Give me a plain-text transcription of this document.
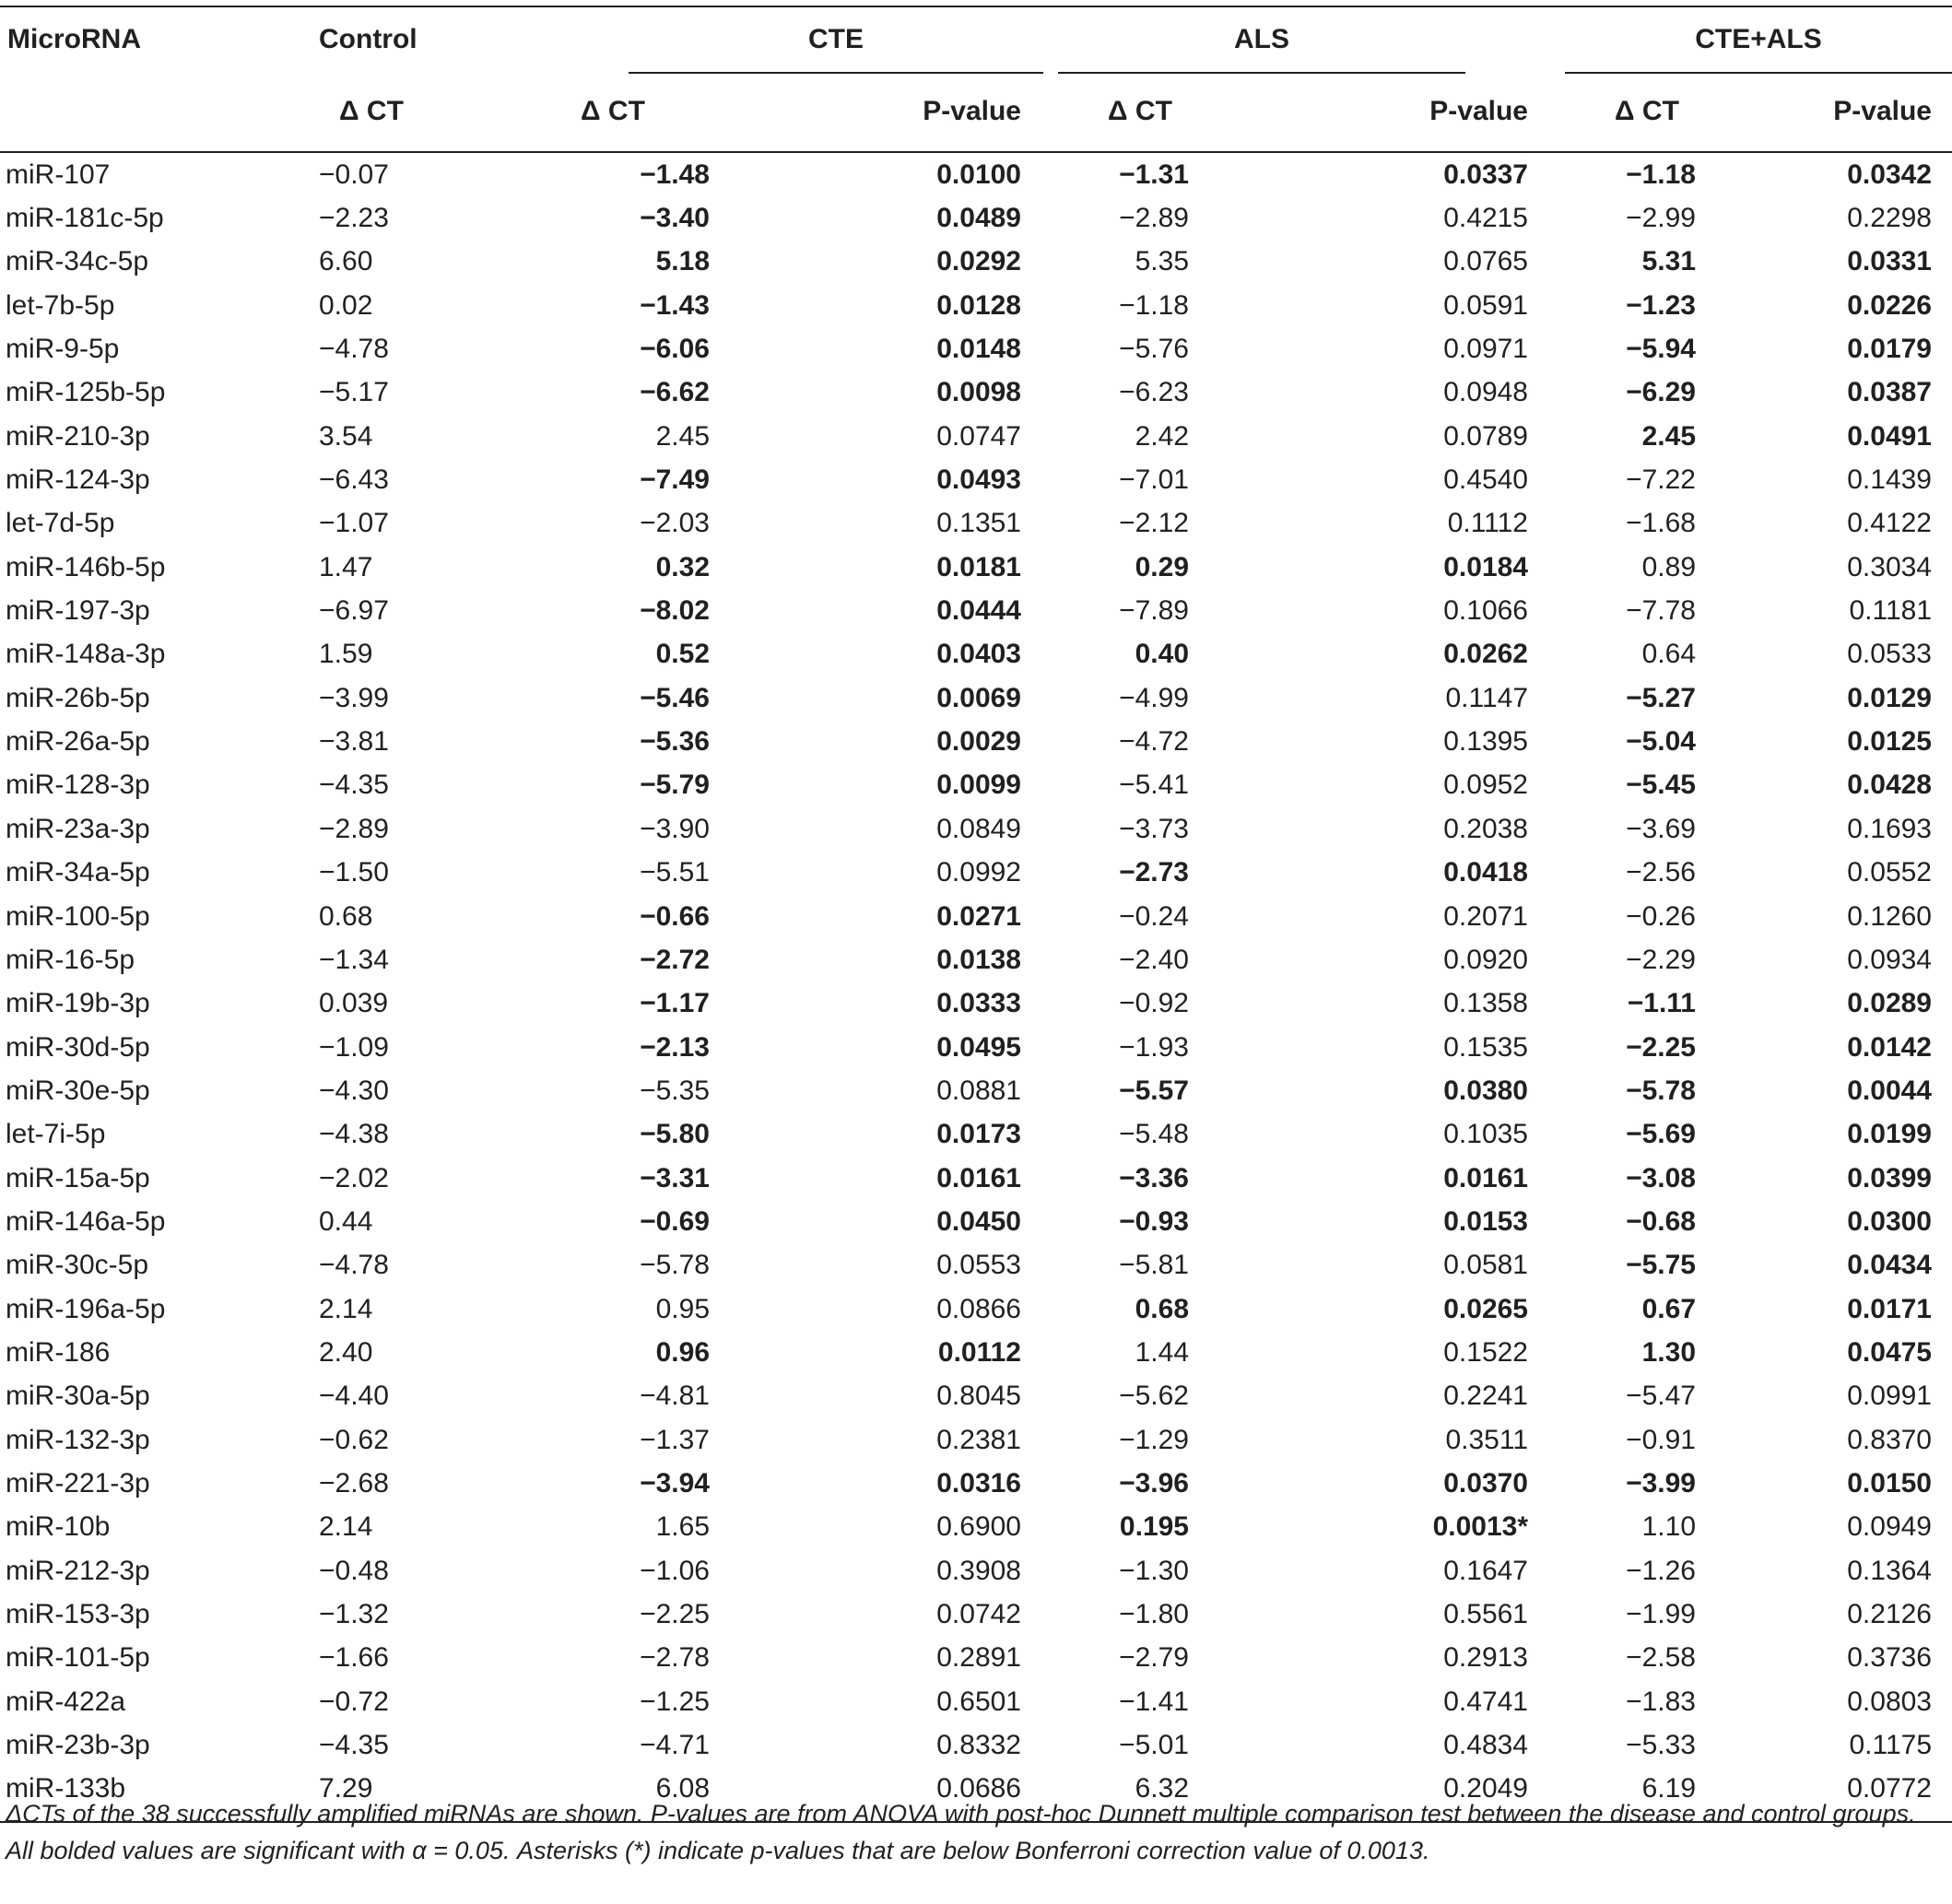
MicroRNA	Control	CTE		ALS		CTE+ALS	

	Δ CT	Δ CT	P-value	Δ CT	P-value	Δ CT	P-value
miR-107	−0.07	−1.48	0.0100	−1.31	0.0337	−1.18	0.0342
miR-181c-5p	−2.23	−3.40	0.0489	−2.89	0.4215	−2.99	0.2298
miR-34c-5p	6.60	5.18	0.0292	5.35	0.0765	5.31	0.0331
let-7b-5p	0.02	−1.43	0.0128	−1.18	0.0591	−1.23	0.0226
miR-9-5p	−4.78	−6.06	0.0148	−5.76	0.0971	−5.94	0.0179
miR-125b-5p	−5.17	−6.62	0.0098	−6.23	0.0948	−6.29	0.0387
miR-210-3p	3.54	2.45	0.0747	2.42	0.0789	2.45	0.0491
miR-124-3p	−6.43	−7.49	0.0493	−7.01	0.4540	−7.22	0.1439
let-7d-5p	−1.07	−2.03	0.1351	−2.12	0.1112	−1.68	0.4122
miR-146b-5p	1.47	0.32	0.0181	0.29	0.0184	0.89	0.3034
miR-197-3p	−6.97	−8.02	0.0444	−7.89	0.1066	−7.78	0.1181
miR-148a-3p	1.59	0.52	0.0403	0.40	0.0262	0.64	0.0533
miR-26b-5p	−3.99	−5.46	0.0069	−4.99	0.1147	−5.27	0.0129
miR-26a-5p	−3.81	−5.36	0.0029	−4.72	0.1395	−5.04	0.0125
miR-128-3p	−4.35	−5.79	0.0099	−5.41	0.0952	−5.45	0.0428
miR-23a-3p	−2.89	−3.90	0.0849	−3.73	0.2038	−3.69	0.1693
miR-34a-5p	−1.50	−5.51	0.0992	−2.73	0.0418	−2.56	0.0552
miR-100-5p	0.68	−0.66	0.0271	−0.24	0.2071	−0.26	0.1260
miR-16-5p	−1.34	−2.72	0.0138	−2.40	0.0920	−2.29	0.0934
miR-19b-3p	0.039	−1.17	0.0333	−0.92	0.1358	−1.11	0.0289
miR-30d-5p	−1.09	−2.13	0.0495	−1.93	0.1535	−2.25	0.0142
miR-30e-5p	−4.30	−5.35	0.0881	−5.57	0.0380	−5.78	0.0044
let-7i-5p	−4.38	−5.80	0.0173	−5.48	0.1035	−5.69	0.0199
miR-15a-5p	−2.02	−3.31	0.0161	−3.36	0.0161	−3.08	0.0399
miR-146a-5p	0.44	−0.69	0.0450	−0.93	0.0153	−0.68	0.0300
miR-30c-5p	−4.78	−5.78	0.0553	−5.81	0.0581	−5.75	0.0434
miR-196a-5p	2.14	0.95	0.0866	0.68	0.0265	0.67	0.0171
miR-186	2.40	0.96	0.0112	1.44	0.1522	1.30	0.0475
miR-30a-5p	−4.40	−4.81	0.8045	−5.62	0.2241	−5.47	0.0991
miR-132-3p	−0.62	−1.37	0.2381	−1.29	0.3511	−0.91	0.8370
miR-221-3p	−2.68	−3.94	0.0316	−3.96	0.0370	−3.99	0.0150
miR-10b	2.14	1.65	0.6900	0.195	0.0013*	1.10	0.0949
miR-212-3p	−0.48	−1.06	0.3908	−1.30	0.1647	−1.26	0.1364
miR-153-3p	−1.32	−2.25	0.0742	−1.80	0.5561	−1.99	0.2126
miR-101-5p	−1.66	−2.78	0.2891	−2.79	0.2913	−2.58	0.3736
miR-422a	−0.72	−1.25	0.6501	−1.41	0.4741	−1.83	0.0803
miR-23b-3p	−4.35	−4.71	0.8332	−5.01	0.4834	−5.33	0.1175
miR-133b	7.29	6.08	0.0686	6.32	0.2049	6.19	0.0772
ΔCTs of the 38 successfully amplified miRNAs are shown. P-values are from ANOVA with post-hoc Dunnett multiple comparison test between the disease and control groups. All bolded values are significant with α = 0.05. Asterisks (*) indicate p-values that are below Bonferroni correction value of 0.0013.
